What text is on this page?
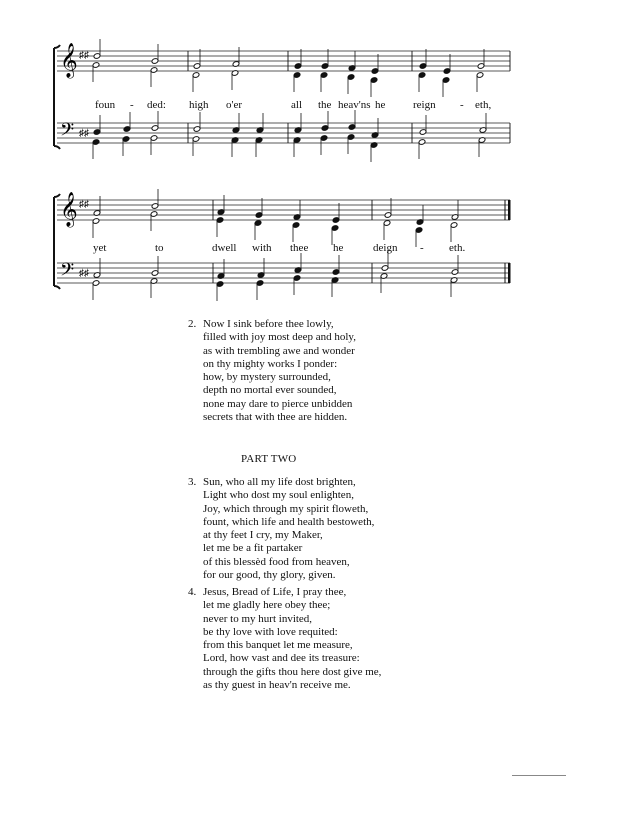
𝄞
𝄢
♯♯
♯♯
𝄞
𝄢
♯♯
♯♯
foun - ded: high o'er	all the heav'ns he	reign - eth,
yet	to	dwell with thee he	deign - eth.
2. Now I sink before thee lowly,
filled with joy most deep and holy,
as with trembling awe and wonder
on thy mighty works I ponder:
how, by mystery surrounded,
depth no mortal ever sounded,
none may dare to pierce unbidden
secrets that with thee are hidden.
PART TWO
3. Sun, who all my life dost brighten,
Light who dost my soul enlighten,
Joy, which through my spirit floweth,
fount, which life and health bestoweth,
at thy feet I cry, my Maker,
let me be a fit partaker
of this blessèd food from heaven,
for our good, thy glory, given.
4. Jesus, Bread of Life, I pray thee,
let me gladly here obey thee;
never to my hurt invited,
be thy love with love requited:
from this banquet let me measure,
Lord, how vast and dee its treasure:
through the gifts thou here dost give me,
as thy guest in heav'n receive me.
